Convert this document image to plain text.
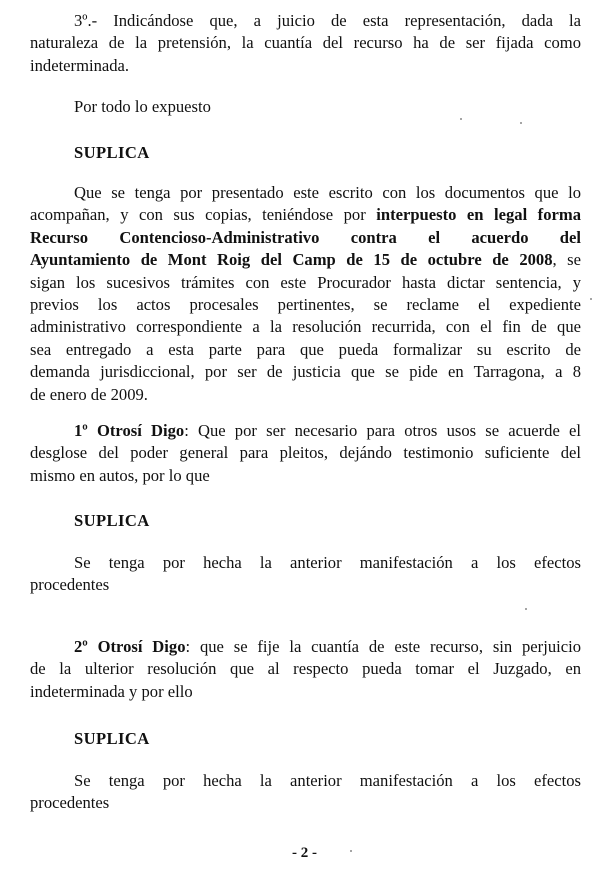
3º.- Indicándose que, a juicio de esta representación, dada la
naturaleza de la pretensión, la cuantía del recurso ha de ser fijada como
indeterminada.
Por todo lo expuesto
SUPLICA
Que se tenga por presentado este escrito con los documentos que lo
acompañan, y con sus copias, teniéndose por interpuesto en legal forma
Recurso Contencioso-Administrativo contra el acuerdo del
Ayuntamiento de Mont Roig del Camp de 15 de octubre de 2008, se
sigan los sucesivos trámites con este Procurador hasta dictar sentencia, y
previos los actos procesales pertinentes, se reclame el expediente
administrativo correspondiente a la resolución recurrida, con el fin de que
sea entregado a esta parte para que pueda formalizar su escrito de
demanda jurisdiccional, por ser de justicia que se pide en Tarragona, a 8
de enero de 2009.
1º Otrosí Digo: Que por ser necesario para otros usos se acuerde el
desglose del poder general para pleitos, dejándo testimonio suficiente del
mismo en autos, por lo que
SUPLICA
Se tenga por hecha la anterior manifestación a los efectos
procedentes
2º Otrosí Digo: que se fije la cuantía de este recurso, sin perjuicio
de la ulterior resolución que al respecto pueda tomar el Juzgado, en
indeterminada y por ello
SUPLICA
Se tenga por hecha la anterior manifestación a los efectos
procedentes
- 2 -
